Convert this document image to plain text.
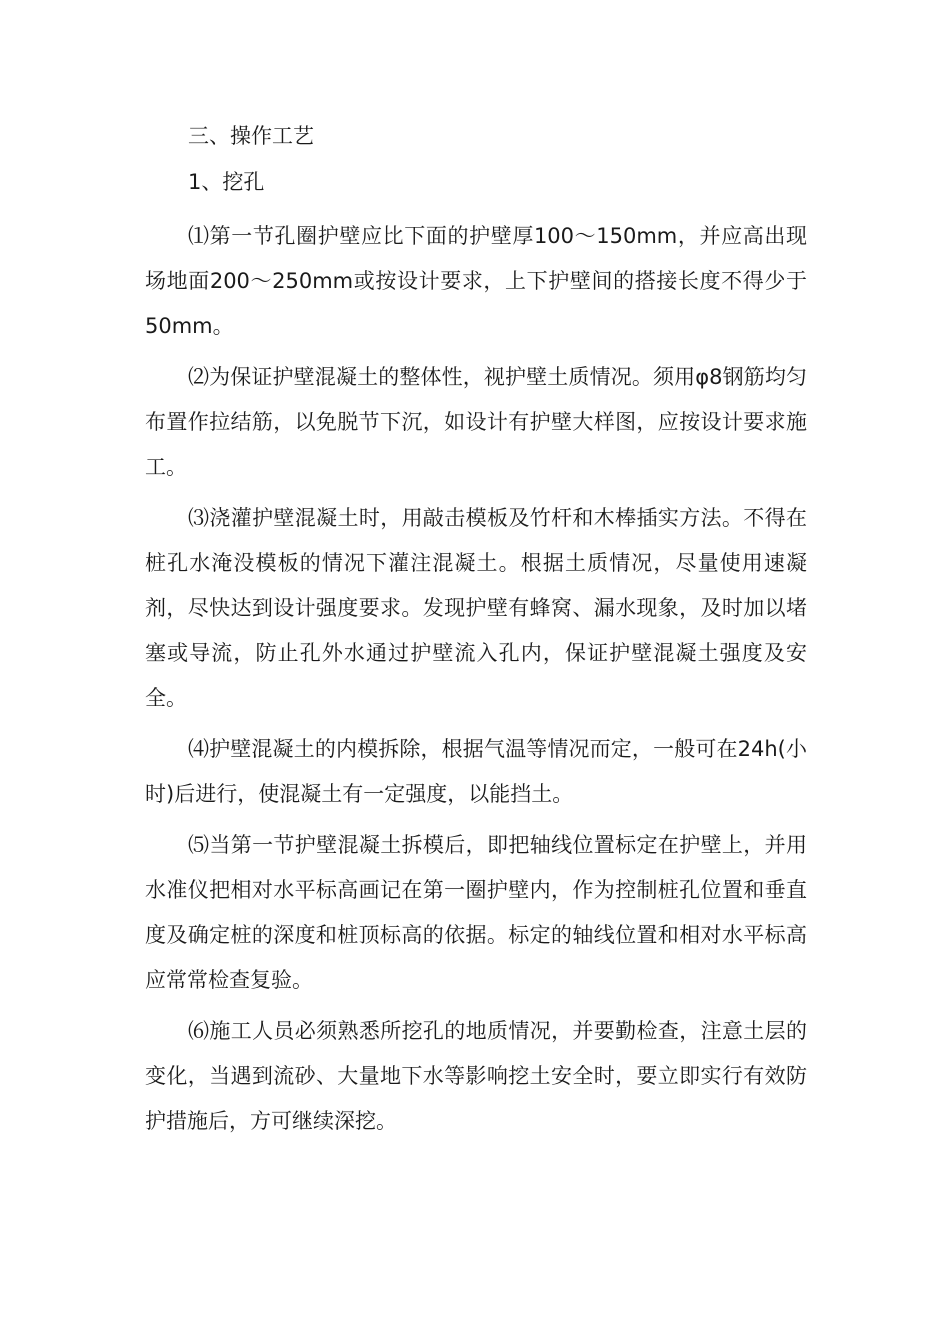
三、操作工艺
1、挖孔

⑴第一节孔圈护壁应比下面的护壁厚100～150mm，并应高出现场地面200～250mm或按设计要求，上下护壁间的搭接长度不得少于50mm。

⑵为保证护壁混凝土的整体性，视护壁土质情况。须用φ8钢筋均匀布置作拉结筋，以免脱节下沉，如设计有护壁大样图，应按设计要求施工。

⑶浇灌护壁混凝土时，用敲击模板及竹杆和木棒插实方法。不得在桩孔水淹没模板的情况下灌注混凝土。根据土质情况，尽量使用速凝剂，尽快达到设计强度要求。发现护壁有蜂窝、漏水现象，及时加以堵塞或导流，防止孔外水通过护壁流入孔内，保证护壁混凝土强度及安全。

⑷护壁混凝土的内模拆除，根据气温等情况而定，一般可在24h(小时)后进行，使混凝土有一定强度，以能挡土。

⑸当第一节护壁混凝土拆模后，即把轴线位置标定在护壁上，并用水准仪把相对水平标高画记在第一圈护壁内，作为控制桩孔位置和垂直度及确定桩的深度和桩顶标高的依据。标定的轴线位置和相对水平标高应常常检查复验。

⑹施工人员必须熟悉所挖孔的地质情况，并要勤检查，注意土层的变化，当遇到流砂、大量地下水等影响挖土安全时，要立即实行有效防护措施后，方可继续深挖。
